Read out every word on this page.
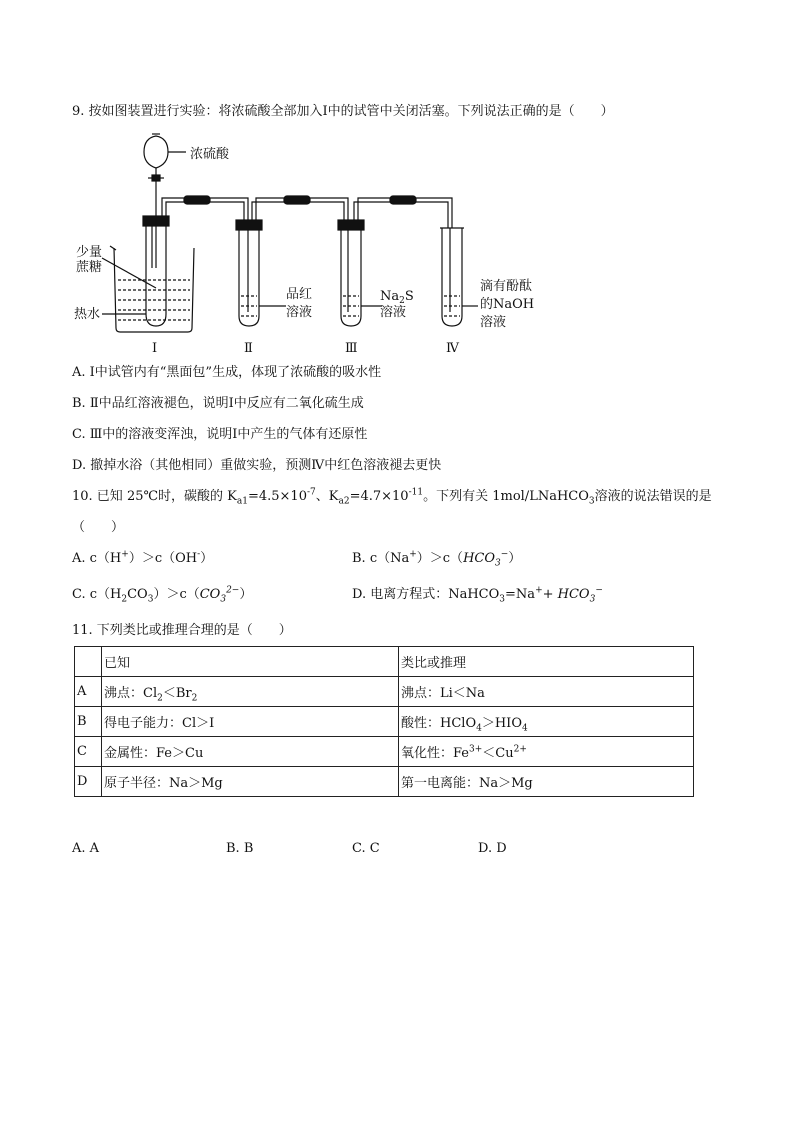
9. 按如图装置进行实验：将浓硫酸全部加入Ⅰ中的试管中关闭活塞。下列说法正确的是（　　）
浓硫酸
少量
蔗糖
热水
品红
溶液
$Na_2S$
溶液
滴有酚酞
的NaOH
溶液
Ⅰ	Ⅱ	Ⅲ	Ⅳ
A. Ⅰ中试管内有“黑面包”生成，体现了浓硫酸的吸水性
B. Ⅱ中品红溶液褪色，说明Ⅰ中反应有二氧化硫生成
C. Ⅲ中的溶液变浑浊，说明Ⅰ中产生的气体有还原性
D. 撤掉水浴（其他相同）重做实验，预测Ⅳ中红色溶液褪去更快
10. 已知 25℃时，碳酸的 $K_{a1}=4.5\times 10^{-7}$、$K_{a2}=4.7\times 10^{-11}$。下列有关 1mol/LNaHCO$_3$溶液的说法错误的是
（　　）
A. c（H+）＞c（OH-）	B. $c(Na^+)>c(HCO_3^-)$
C. $c(H_2CO_3)>c(CO_3^{2-})$	D. 电离方程式：NaHCO$_3$=Na++ $HCO_3^-$
11. 下列类比或推理合理的是（　　）
	已知	类比或推理
A	沸点：$Cl_2<Br_2$	沸点：Li＜Na
B	得电子能力：Cl＞I	酸性：$HClO_4>HIO_4$
C	金属性：Fe＞Cu	氧化性：$Fe^{3+}<Cu^{2+}$
D	原子半径：Na＞Mg	第一电离能：Na＞Mg
A. A	B. B	C. C	D. D
